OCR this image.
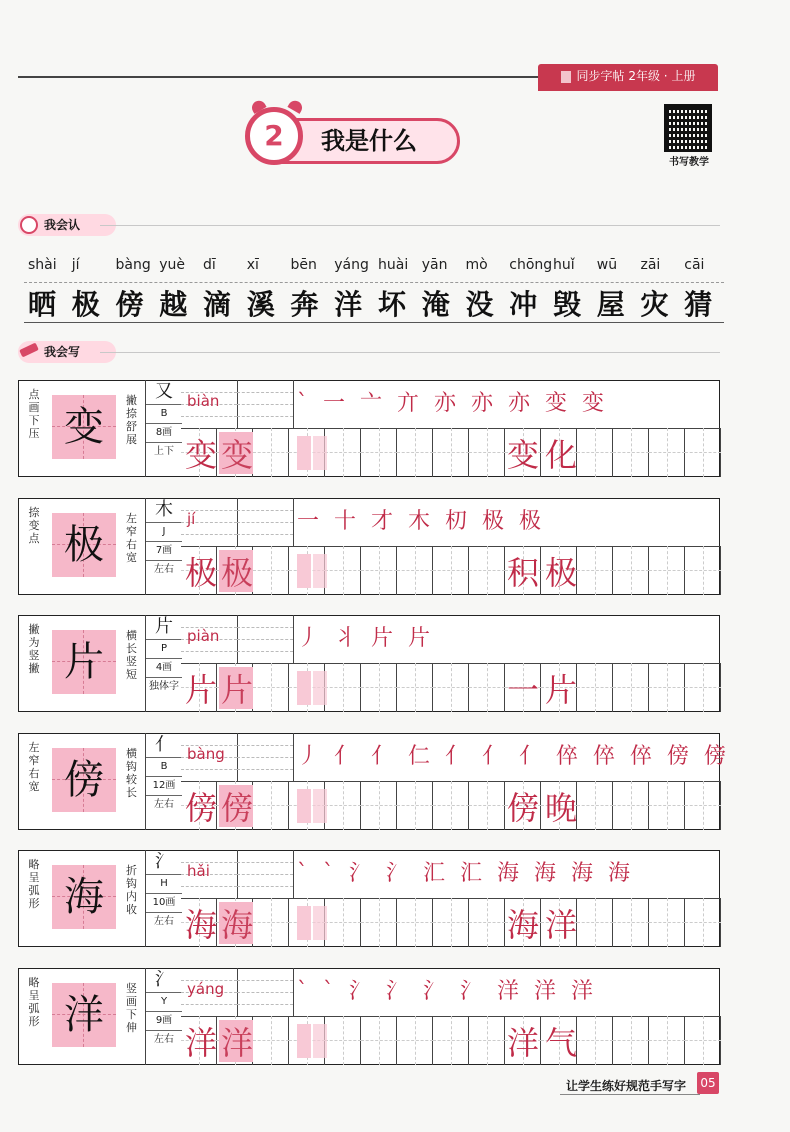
同步字帖 2年级 · 上册
2	我是什么
书写教学
我会认
shài jí	bàng yuè dī xī bēn yáng huài yān mò chōng huǐ wū zāi cāi
晒 极 傍 越 滴 溪 奔 洋 坏 淹 没 冲 毁 屋 灾 猜
我会写
点画下压 变
撇捺舒展
又
B
8画
上下
biàn	` ⼀ 亠 亣 亦 亦 亦 变 变
变 变	变 化
捺变点 极
左窄右宽
木
J
7画
左右
jí	一 十 才 木 朷 极 极
极 极	积 极
撇为竖撇 片
横长竖短
片
P
4画
独体字
piàn	丿 丬 片 片
片 片	一 片
左窄右宽 傍
横钩较长
亻
B
12画
左右
bàng	丿 亻 亻 仁 亻 亻 亻 倅 倅 倅 傍 傍
傍 傍	傍 晚
略呈弧形 海
折钩内收
氵
H
10画
左右
hǎi	` ` 氵 氵 汇 汇 海 海 海 海
海 海	海 洋
略呈弧形 洋
竖画下伸
氵
Y
9画
左右
yáng	` ` 氵 氵 氵 氵 洋 洋 洋
洋 洋	洋 气
让学生练好规范手写字 05
